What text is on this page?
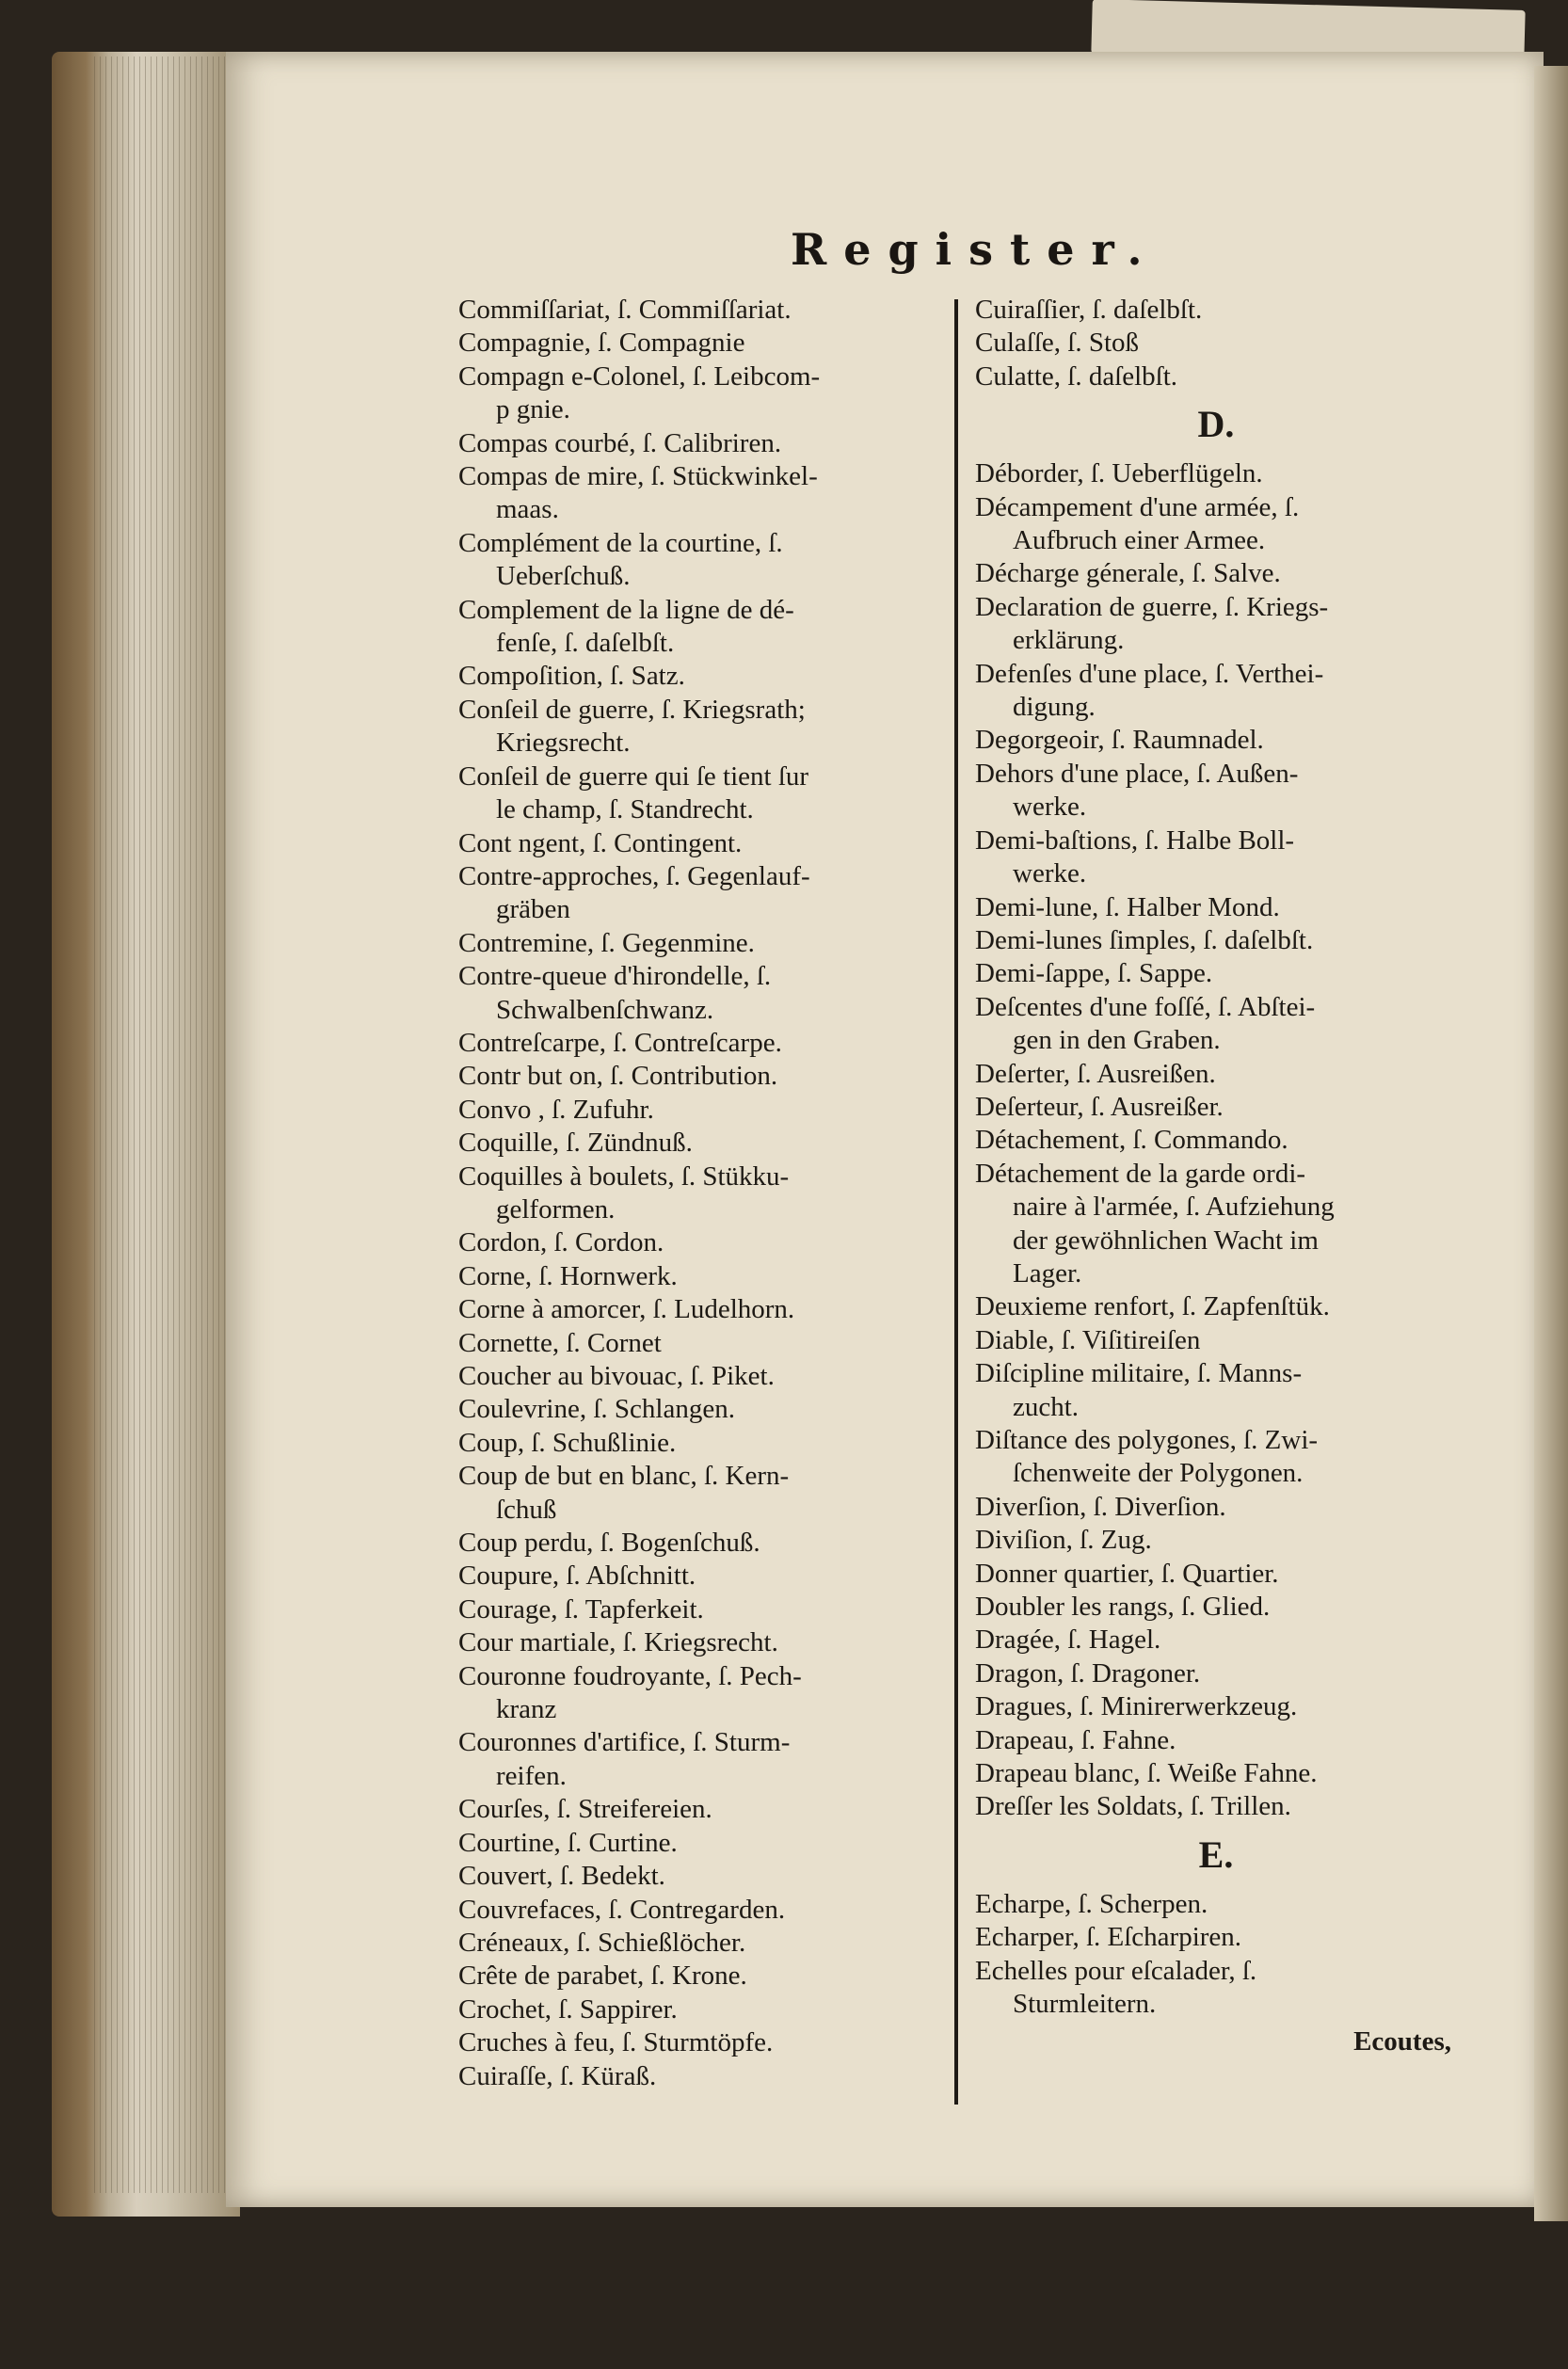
Register.
Commiſſariat, ſ. Commiſſariat.
Compagnie, ſ. Compagnie
Compagn e-Colonel, ſ. Leibcom-
p gnie.
Compas courbé, ſ. Calibriren.
Compas de mire, ſ. Stückwinkel-
maas.
Complément de la courtine, ſ.
Ueberſchuß.
Complement de la ligne de dé-
fenſe, ſ. daſelbſt.
Compoſition, ſ. Satz.
Conſeil de guerre, ſ. Kriegsrath;
Kriegsrecht.
Conſeil de guerre qui ſe tient ſur
le champ, ſ. Standrecht.
Cont ngent, ſ. Contingent.
Contre-approches, ſ. Gegenlauf-
gräben
Contremine, ſ. Gegenmine.
Contre-queue d'hirondelle, ſ.
Schwalbenſchwanz.
Contreſcarpe, ſ. Contreſcarpe.
Contr but on, ſ. Contribution.
Convo , ſ. Zufuhr.
Coquille, ſ. Zündnuß.
Coquilles à boulets, ſ. Stükku-
gelformen.
Cordon, ſ. Cordon.
Corne, ſ. Hornwerk.
Corne à amorcer, ſ. Ludelhorn.
Cornette, ſ. Cornet
Coucher au bivouac, ſ. Piket.
Coulevrine, ſ. Schlangen.
Coup, ſ. Schußlinie.
Coup de but en blanc, ſ. Kern-
ſchuß
Coup perdu, ſ. Bogenſchuß.
Coupure, ſ. Abſchnitt.
Courage, ſ. Tapferkeit.
Cour martiale, ſ. Kriegsrecht.
Couronne foudroyante, ſ. Pech-
kranz
Couronnes d'artifice, ſ. Sturm-
reifen.
Courſes, ſ. Streifereien.
Courtine, ſ. Curtine.
Couvert, ſ. Bedekt.
Couvrefaces, ſ. Contregarden.
Créneaux, ſ. Schießlöcher.
Crête de parabet, ſ. Krone.
Crochet, ſ. Sappirer.
Cruches à feu, ſ. Sturmtöpfe.
Cuiraſſe, ſ. Küraß.
Cuiraſſier, ſ. daſelbſt.
Culaſſe, ſ. Stoß
Culatte, ſ. daſelbſt.
D.
Déborder, ſ. Ueberflügeln.
Décampement d'une armée, ſ.
Aufbruch einer Armee.
Décharge génerale, ſ. Salve.
Declaration de guerre, ſ. Kriegs-
erklärung.
Defenſes d'une place, ſ. Verthei-
digung.
Degorgeoir, ſ. Raumnadel.
Dehors d'une place, ſ. Außen-
werke.
Demi-baſtions, ſ. Halbe Boll-
werke.
Demi-lune, ſ. Halber Mond.
Demi-lunes ſimples, ſ. daſelbſt.
Demi-ſappe, ſ. Sappe.
Deſcentes d'une foſſé, ſ. Abſtei-
gen in den Graben.
Deſerter, ſ. Ausreißen.
Deſerteur, ſ. Ausreißer.
Détachement, ſ. Commando.
Détachement de la garde ordi-
naire à l'armée, ſ. Aufziehung
der gewöhnlichen Wacht im
Lager.
Deuxieme renfort, ſ. Zapfenſtük.
Diable, ſ. Viſitireiſen
Diſcipline militaire, ſ. Manns-
zucht.
Diſtance des polygones, ſ. Zwi-
ſchenweite der Polygonen.
Diverſion, ſ. Diverſion.
Diviſion, ſ. Zug.
Donner quartier, ſ. Quartier.
Doubler les rangs, ſ. Glied.
Dragée, ſ. Hagel.
Dragon, ſ. Dragoner.
Dragues, ſ. Minirerwerkzeug.
Drapeau, ſ. Fahne.
Drapeau blanc, ſ. Weiße Fahne.
Dreſſer les Soldats, ſ. Trillen.
E.
Echarpe, ſ. Scherpen.
Echarper, ſ. Eſcharpiren.
Echelles pour eſcalader, ſ.
Sturmleitern.
Ecoutes,
